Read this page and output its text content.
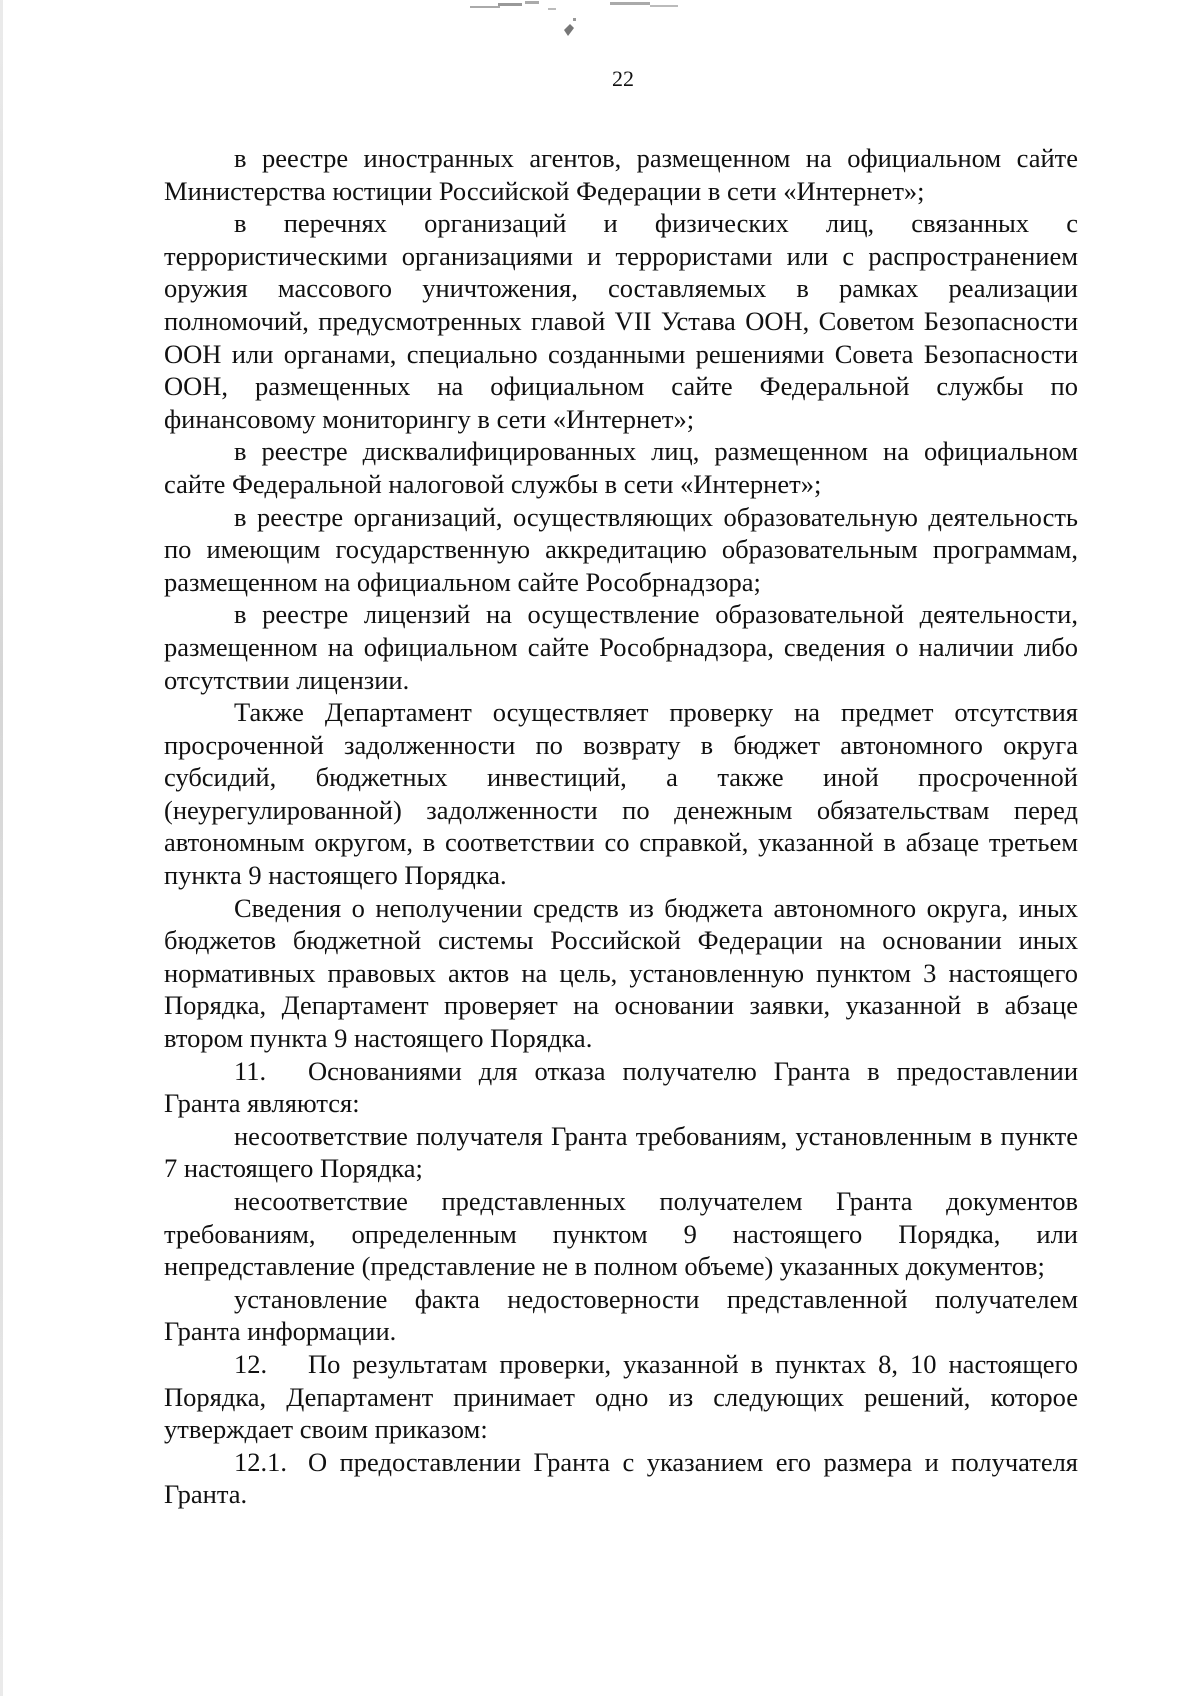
22

в реестре иностранных агентов, размещенном на официальном сайте Министерства юстиции Российской Федерации в сети «Интернет»;

в перечнях организаций и физических лиц, связанных с террористическими организациями и террористами или с распространением оружия массового уничтожения, составляемых в рамках реализации полномочий, предусмотренных главой VII Устава ООН, Советом Безопасности ООН или органами, специально созданными решениями Совета Безопасности ООН, размещенных на официальном сайте Федеральной службы по финансовому мониторингу в сети «Интернет»;

в реестре дисквалифицированных лиц, размещенном на официальном сайте Федеральной налоговой службы в сети «Интернет»;

в реестре организаций, осуществляющих образовательную деятельность по имеющим государственную аккредитацию образовательным программам, размещенном на официальном сайте Рособрнадзора;

в реестре лицензий на осуществление образовательной деятельности, размещенном на официальном сайте Рособрнадзора, сведения о наличии либо отсутствии лицензии.

Также Департамент осуществляет проверку на предмет отсутствия просроченной задолженности по возврату в бюджет автономного округа субсидий, бюджетных инвестиций, а также иной просроченной (неурегулированной) задолженности по денежным обязательствам перед автономным округом, в соответствии со справкой, указанной в абзаце третьем пункта 9 настоящего Порядка.

Сведения о неполучении средств из бюджета автономного округа, иных бюджетов бюджетной системы Российской Федерации на основании иных нормативных правовых актов на цель, установленную пунктом 3 настоящего Порядка, Департамент проверяет на основании заявки, указанной в абзаце втором пункта 9 настоящего Порядка.

11. Основаниями для отказа получателю Гранта в предоставлении Гранта являются:

несоответствие получателя Гранта требованиям, установленным в пункте 7 настоящего Порядка;

несоответствие представленных получателем Гранта документов требованиям, определенным пунктом 9 настоящего Порядка, или непредставление (представление не в полном объеме) указанных документов;

установление факта недостоверности представленной получателем Гранта информации.

12. По результатам проверки, указанной в пунктах 8, 10 настоящего Порядка, Департамент принимает одно из следующих решений, которое утверждает своим приказом:

12.1. О предоставлении Гранта с указанием его размера и получателя Гранта.
